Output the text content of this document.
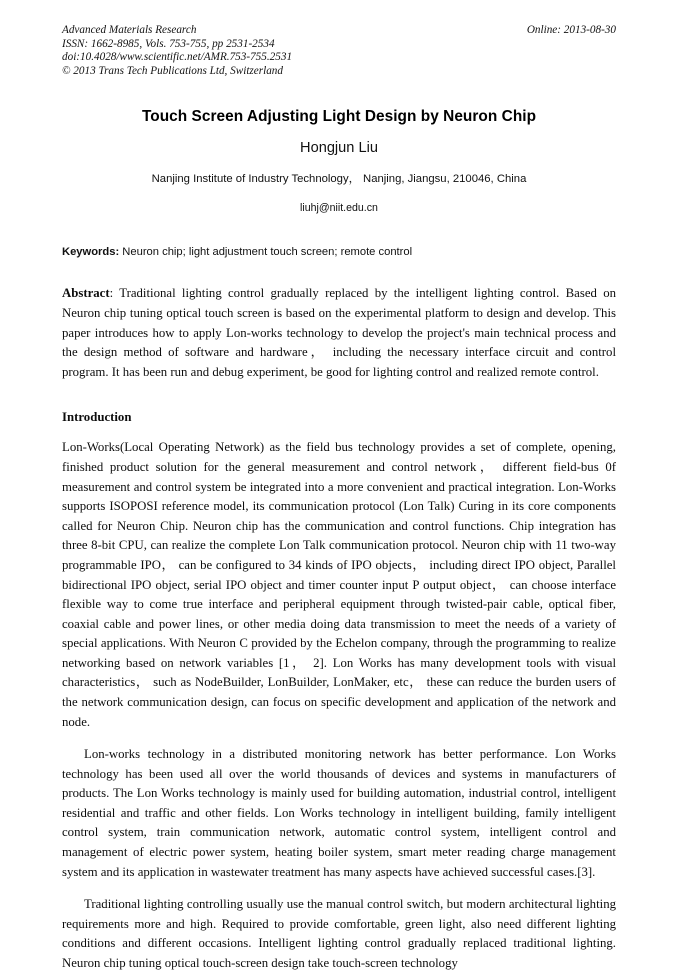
Advanced Materials Research
ISSN: 1662-8985, Vols. 753-755, pp 2531-2534
doi:10.4028/www.scientific.net/AMR.753-755.2531
© 2013 Trans Tech Publications Ltd, Switzerland
Online: 2013-08-30
Touch Screen Adjusting Light Design by Neuron Chip
Hongjun Liu
Nanjing Institute of Industry Technology， Nanjing, Jiangsu, 210046, China
liuhj@niit.edu.cn
Keywords: Neuron chip; light adjustment touch screen; remote control
Abstract: Traditional lighting control gradually replaced by the intelligent lighting control. Based on Neuron chip tuning optical touch screen is based on the experimental platform to design and develop. This paper introduces how to apply Lon-works technology to develop the project's main technical process and the design method of software and hardware， including the necessary interface circuit and control program. It has been run and debug experiment, be good for lighting control and realized remote control.
Introduction

Lon-Works(Local Operating Network) as the field bus technology provides a set of complete, opening, finished product solution for the general measurement and control network， different field-bus 0f measurement and control system be integrated into a more convenient and practical integration. Lon-Works supports ISOPOSI reference model, its communication protocol (Lon Talk) Curing in its core components called for Neuron Chip. Neuron chip has the communication and control functions. Chip integration has three 8-bit CPU, can realize the complete Lon Talk communication protocol. Neuron chip with 11 two-way programmable IPO， can be configured to 34 kinds of IPO objects， including direct IPO object, Parallel bidirectional IPO object, serial IPO object and timer counter input P output object， can choose interface flexible way to come true interface and peripheral equipment through twisted-pair cable, optical fiber, coaxial cable and power lines, or other media doing data transmission to meet the needs of a variety of special applications. With Neuron C provided by the Echelon company, through the programming to realize networking based on network variables [1， 2]. Lon Works has many development tools with visual characteristics， such as NodeBuilder, LonBuilder, LonMaker, etc， these can reduce the burden users of the network communication design, can focus on specific development and application of the network and node.

Lon-works technology in a distributed monitoring network has better performance. Lon Works technology has been used all over the world thousands of devices and systems in manufacturers of products. The Lon Works technology is mainly used for building automation, industrial control, intelligent residential and traffic and other fields. Lon Works technology in intelligent building, family intelligent control system, train communication network, automatic control system, intelligent control and management of electric power system, heating boiler system, smart meter reading charge management system and its application in wastewater treatment has many aspects have achieved successful cases.[3].

Traditional lighting controlling usually use the manual control switch, but modern architectural lighting requirements more and high. Required to provide comfortable, green light, also need different lighting conditions and different occasions. Intelligent lighting control gradually replaced traditional lighting. Neuron chip tuning optical touch-screen design take touch-screen technology
